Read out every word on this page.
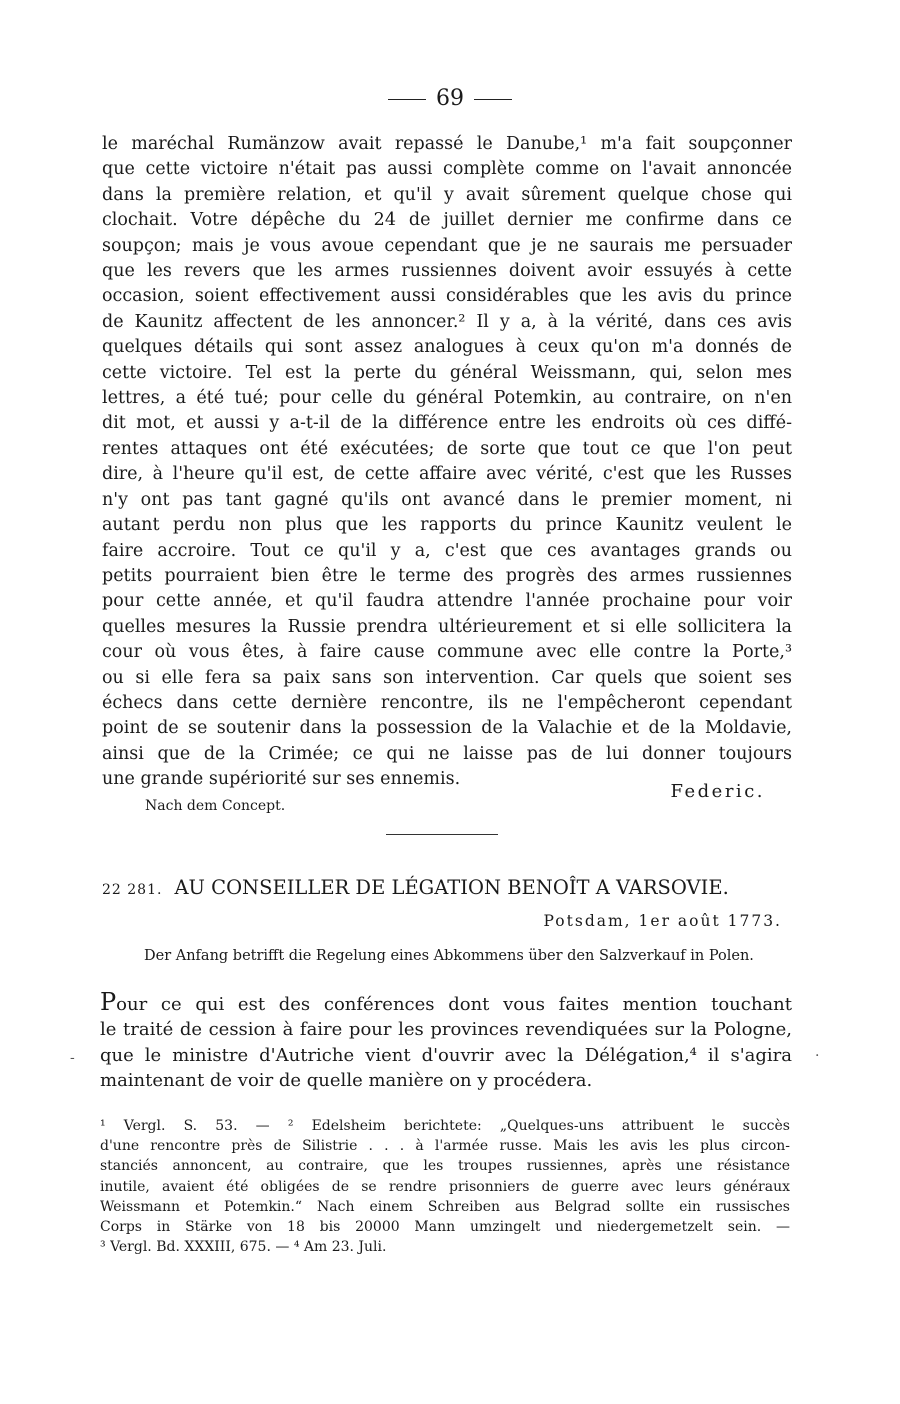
69
le maréchal Rumänzow avait repassé le Danube,¹ m'a fait soupçonner
que cette victoire n'était pas aussi complète comme on l'avait annoncée
dans la première relation, et qu'il y avait sûrement quelque chose qui
clochait. Votre dépêche du 24 de juillet dernier me confirme dans ce
soupçon; mais je vous avoue cependant que je ne saurais me persuader
que les revers que les armes russiennes doivent avoir essuyés à cette
occasion, soient effectivement aussi considérables que les avis du prince
de Kaunitz affectent de les annoncer.² Il y a, à la vérité, dans ces avis
quelques détails qui sont assez analogues à ceux qu'on m'a donnés de
cette victoire. Tel est la perte du général Weissmann, qui, selon mes
lettres, a été tué; pour celle du général Potemkin, au contraire, on n'en
dit mot, et aussi y a-t-il de la différence entre les endroits où ces diffé-
rentes attaques ont été exécutées; de sorte que tout ce que l'on peut
dire, à l'heure qu'il est, de cette affaire avec vérité, c'est que les Russes
n'y ont pas tant gagné qu'ils ont avancé dans le premier moment, ni
autant perdu non plus que les rapports du prince Kaunitz veulent le
faire accroire. Tout ce qu'il y a, c'est que ces avantages grands ou
petits pourraient bien être le terme des progrès des armes russiennes
pour cette année, et qu'il faudra attendre l'année prochaine pour voir
quelles mesures la Russie prendra ultérieurement et si elle sollicitera la
cour où vous êtes, à faire cause commune avec elle contre la Porte,³
ou si elle fera sa paix sans son intervention. Car quels que soient ses
échecs dans cette dernière rencontre, ils ne l'empêcheront cependant
point de se soutenir dans la possession de la Valachie et de la Moldavie,
ainsi que de la Crimée; ce qui ne laisse pas de lui donner toujours
une grande supériorité sur ses ennemis.
Nach dem Concept.
Federic.
22 281. AU CONSEILLER DE LÉGATION BENOÎT A VARSOVIE.
Potsdam, 1er août 1773.
Der Anfang betrifft die Regelung eines Abkommens über den Salzverkauf in Polen.
Pour ce qui est des conférences dont vous faites mention touchant
le traité de cession à faire pour les provinces revendiquées sur la Pologne,
que le ministre d'Autriche vient d'ouvrir avec la Délégation,⁴ il s'agira
maintenant de voir de quelle manière on y procédera.
-	·
¹ Vergl. S. 53. — ² Edelsheim berichtete: „Quelques-uns attribuent le succès
d'une rencontre près de Silistrie . . . à l'armée russe. Mais les avis les plus circon-
stanciés annoncent, au contraire, que les troupes russiennes, après une résistance
inutile, avaient été obligées de se rendre prisonniers de guerre avec leurs généraux
Weissmann et Potemkin.“ Nach einem Schreiben aus Belgrad sollte ein russisches
Corps in Stärke von 18 bis 20000 Mann umzingelt und niedergemetzelt sein. —
³ Vergl. Bd. XXXIII, 675. — ⁴ Am 23. Juli.
